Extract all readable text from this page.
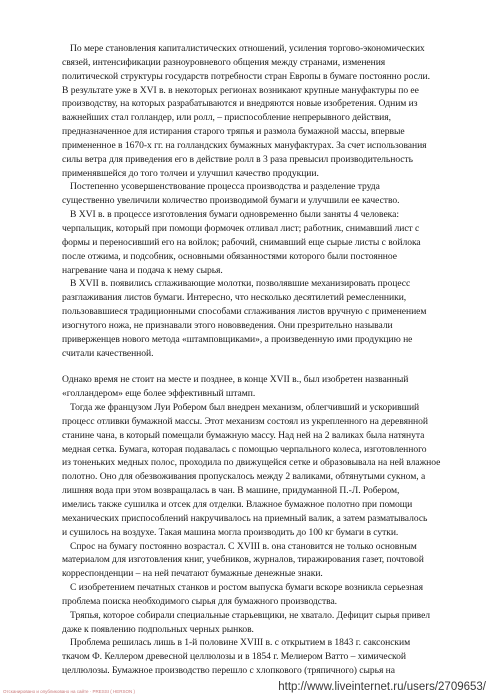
По мере становления капиталистических отношений, усиления торгово-экономических
связей, интенсификации разноуровневого общения между странами, изменения
политической структуры государств потребности стран Европы в бумаге постоянно росли.
В результате уже в XVI в. в некоторых регионах возникают крупные мануфактуры по ее
производству, на которых разрабатываются и внедряются новые изобретения. Одним из
важнейших стал голландер, или ролл, – приспособление непрерывного действия,
предназначенное для истирания старого тряпья и размола бумажной массы, впервые
примененное в 1670-х гг. на голландских бумажных мануфактурах. За счет использования
силы ветра для приведения его в действие ролл в 3 раза превысил производительность
применявшейся до того толчеи и улучшил качество продукции.
Постепенно усовершенствование процесса производства и разделение труда
существенно увеличили количество производимой бумаги и улучшили ее качество.
В XVI в. в процессе изготовления бумаги одновременно были заняты 4 человека:
черпальщик, который при помощи формочек отливал лист; работник, снимавший лист с
формы и переносивший его на войлок; рабочий, снимавший еще сырые листы с войлока
после отжима, и подсобник, основными обязанностями которого были постоянное
нагревание чана и подача к нему сырья.
В XVII в. появились сглаживающие молотки, позволявшие механизировать процесс
разглаживания листов бумаги. Интересно, что несколько десятилетий ремесленники,
пользовавшиеся традиционными способами сглаживания листов вручную с применением
изогнутого ножа, не признавали этого нововведения. Они презрительно называли
приверженцев нового метода «штамповщиками», а произведенную ими продукцию не
считали качественной.
Однако время не стоит на месте и позднее, в конце XVII в., был изобретен названный
«голландером» еще более эффективный штамп.
Тогда же французом Луи Робером был внедрен механизм, облегчивший и ускоривший
процесс отливки бумажной массы. Этот механизм состоял из укрепленного на деревянной
станине чана, в который помещали бумажную массу. Над ней на 2 валиках была натянута
медная сетка. Бумага, которая подавалась с помощью черпального колеса, изготовленного
из тоненьких медных полос, проходила по движущейся сетке и образовывала на ней влажное
полотно. Оно для обезвоживания пропускалось между 2 валиками, обтянутыми сукном, а
лишняя вода при этом возвращалась в чан. В машине, придуманной П.-Л. Робером,
имелись также сушилка и отсек для отделки. Влажное бумажное полотно при помощи
механических приспособлений накручивалось на приемный валик, а затем разматывалось
и сушилось на воздухе. Такая машина могла производить до 100 кг бумаги в сутки.
Спрос на бумагу постоянно возрастал. С XVIII в. она становится не только основным
материалом для изготовления книг, учебников, журналов, тиражирования газет, почтовой
корреспонденции – на ней печатают бумажные денежные знаки.
С изобретением печатных станков и ростом выпуска бумаги вскоре возникла серьезная
проблема поиска необходимого сырья для бумажного производства.
Тряпья, которое собирали специальные старьевщики, не хватало. Дефицит сырья привел
даже к появлению подпольных черных рынков.
Проблема решилась лишь в 1-й половине XVIII в. с открытием в 1843 г. саксонским
ткачом Ф. Келлером древесной целлюлозы и в 1854 г. Мелиером Ватто – химической
целлюлозы. Бумажное производство перешло с хлопкового (тряпичного) сырья на
Отсканировано и опубликовано на сайте · PRESSI ( HERSON )	http://www.liveinternet.ru/users/2709653/
